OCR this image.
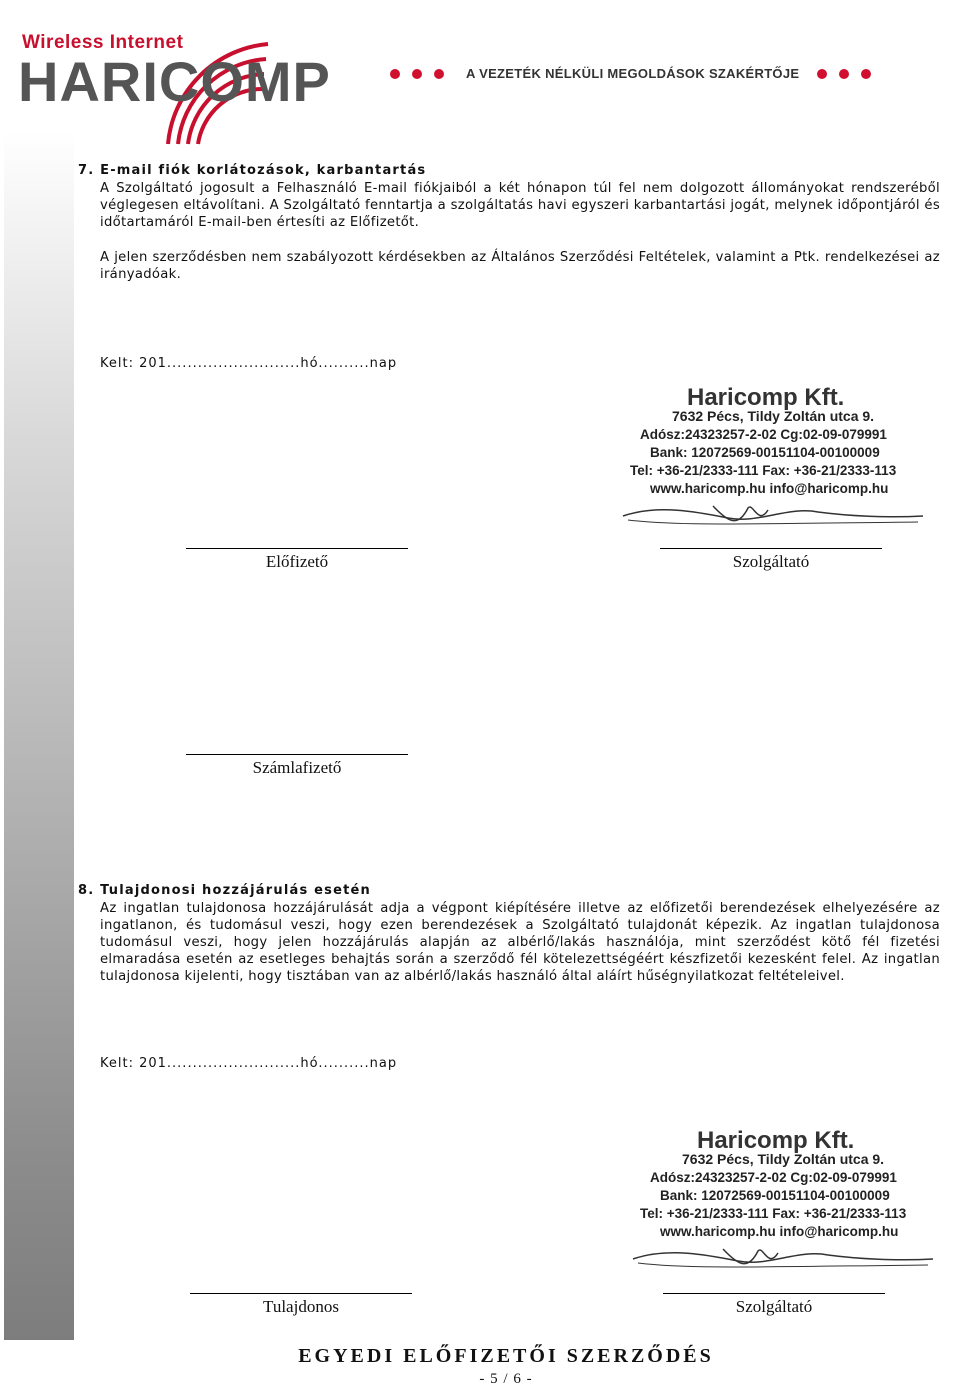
Wireless Internet
HARICOMP	A VEZETÉK NÉLKÜLI MEGOLDÁSOK SZAKÉRTŐJE
7. E-mail fiók korlátozások, karbantartás
A Szolgáltató jogosult a Felhasználó E-mail fiókjaiból a két hónapon túl fel nem dolgozott állományokat rendszeréből véglegesen eltávolítani. A Szolgáltató fenntartja a szolgáltatás havi egyszeri karbantartási jogát, melynek időpontjáról és időtartamáról E-mail-ben értesíti az Előfizetőt.
A jelen szerződésben nem szabályozott kérdésekben az Általános Szerződési Feltételek, valamint a Ptk. rendelkezései az irányadóak.
Kelt: 201..........................hó..........nap
Haricomp Kft.
7632 Pécs, Tildy Zoltán utca 9.
Adósz:24323257-2-02 Cg:02-09-079991
Bank: 12072569-00151104-00100009
Tel: +36-21/2333-111 Fax: +36-21/2333-113
www.haricomp.hu info@haricomp.hu
Előfizető	Szolgáltató
Számlafizető
8. Tulajdonosi hozzájárulás esetén
Az ingatlan tulajdonosa hozzájárulását adja a végpont kiépítésére illetve az előfizetői berendezések elhelyezésére az ingatlanon, és tudomásul veszi, hogy ezen berendezések a Szolgáltató tulajdonát képezik. Az ingatlan tulajdonosa tudomásul veszi, hogy jelen hozzájárulás alapján az albérlő/lakás használója, mint szerződést kötő fél fizetési elmaradása esetén az esetleges behajtás során a szerződő fél kötelezettségéért készfizetői kezesként felel. Az ingatlan tulajdonosa kijelenti, hogy tisztában van az albérlő/lakás használó által aláírt hűségnyilatkozat feltételeivel.
Kelt: 201..........................hó..........nap
Haricomp Kft.
7632 Pécs, Tildy Zoltán utca 9.
Adósz:24323257-2-02 Cg:02-09-079991
Bank: 12072569-00151104-00100009
Tel: +36-21/2333-111 Fax: +36-21/2333-113
www.haricomp.hu info@haricomp.hu
Tulajdonos	Szolgáltató
EGYEDI ELŐFIZETŐI SZERZŐDÉS
- 5 / 6 -
